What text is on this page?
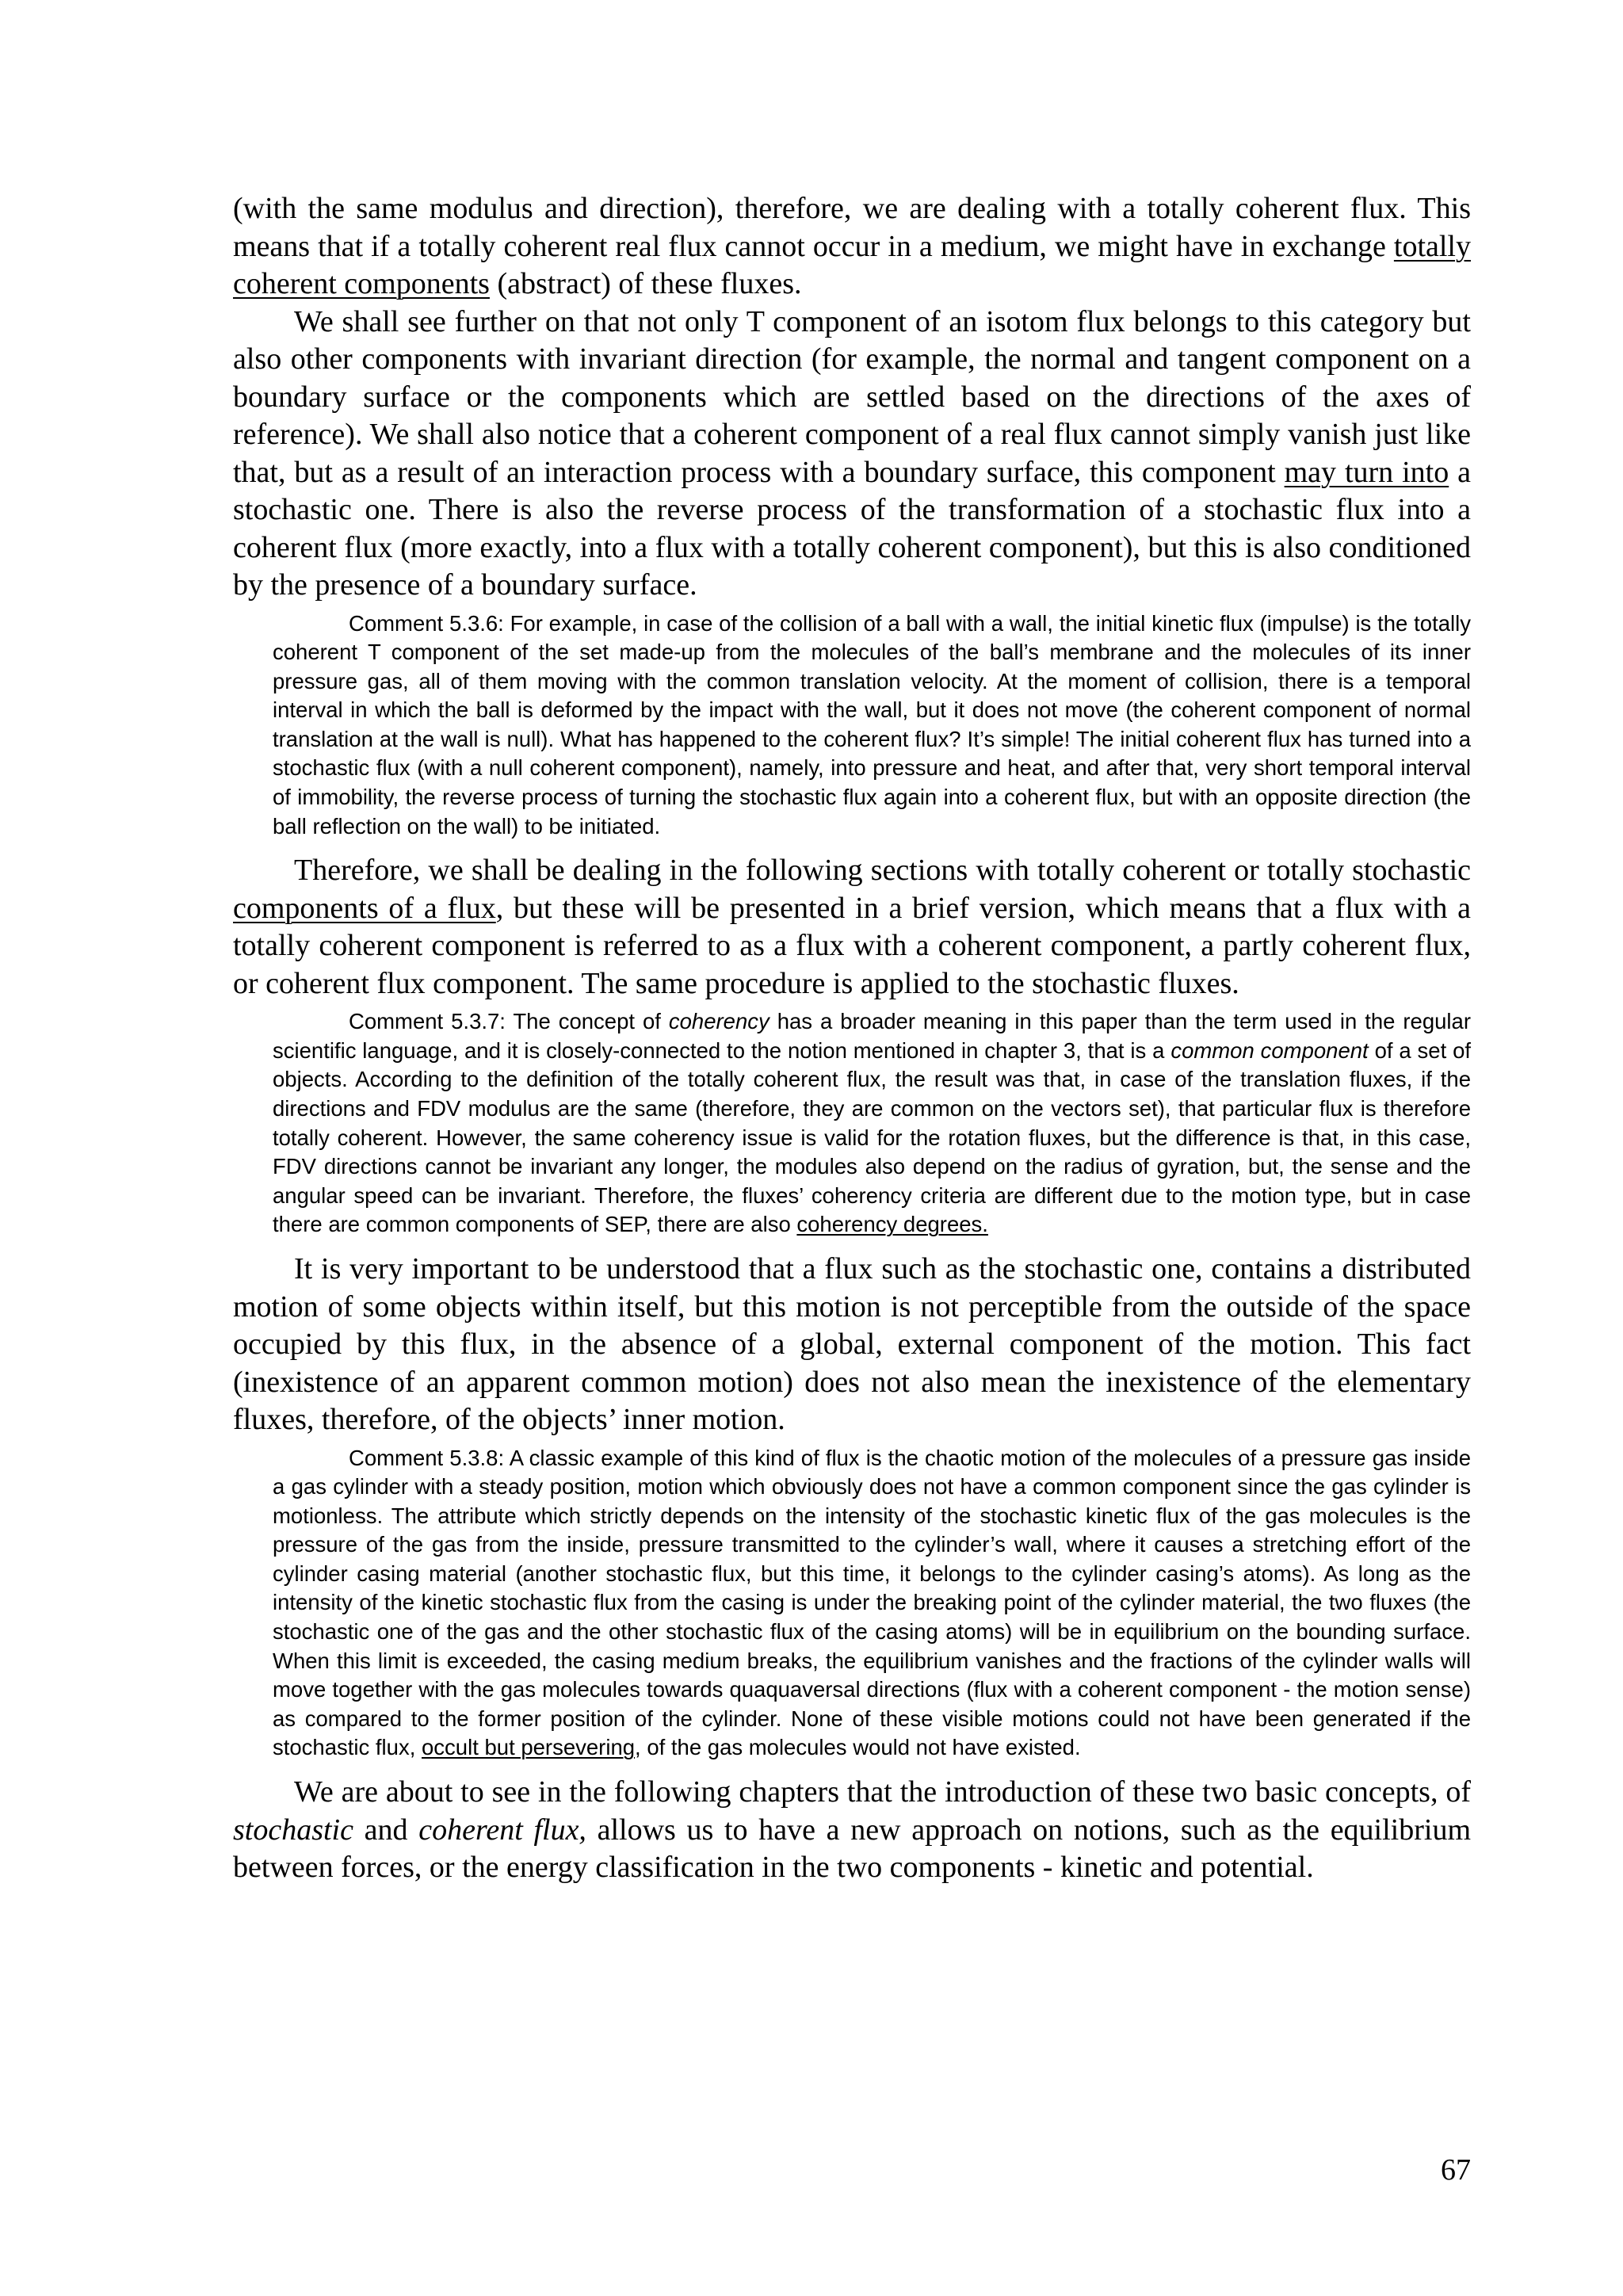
(with the same modulus and direction), therefore, we are dealing with a totally coherent flux. This means that if a totally coherent real flux cannot occur in a medium, we might have in exchange totally coherent components (abstract) of these fluxes.

We shall see further on that not only T component of an isotom flux belongs to this category but also other components with invariant direction (for example, the normal and tangent component on a boundary surface or the components which are settled based on the directions of the axes of reference). We shall also notice that a coherent component of a real flux cannot simply vanish just like that, but as a result of an interaction process with a boundary surface, this component may turn into a stochastic one. There is also the reverse process of the transformation of a stochastic flux into a coherent flux (more exactly, into a flux with a totally coherent component), but this is also conditioned by the presence of a boundary surface.

Comment 5.3.6: For example, in case of the collision of a ball with a wall, the initial kinetic flux (impulse) is the totally coherent T component of the set made-up from the molecules of the ball’s membrane and the molecules of its inner pressure gas, all of them moving with the common translation velocity. At the moment of collision, there is a temporal interval in which the ball is deformed by the impact with the wall, but it does not move (the coherent component of normal translation at the wall is null). What has happened to the coherent flux? It’s simple! The initial coherent flux has turned into a stochastic flux (with a null coherent component), namely, into pressure and heat, and after that, very short temporal interval of immobility, the reverse process of turning the stochastic flux again into a coherent flux, but with an opposite direction (the ball reflection on the wall) to be initiated.

Therefore, we shall be dealing in the following sections with totally coherent or totally stochastic components of a flux, but these will be presented in a brief version, which means that a flux with a totally coherent component is referred to as a flux with a coherent component, a partly coherent flux, or coherent flux component. The same procedure is applied to the stochastic fluxes.

Comment 5.3.7: The concept of coherency has a broader meaning in this paper than the term used in the regular scientific language, and it is closely-connected to the notion mentioned in chapter 3, that is a common component of a set of objects. According to the definition of the totally coherent flux, the result was that, in case of the translation fluxes, if the directions and FDV modulus are the same (therefore, they are common on the vectors set), that particular flux is therefore totally coherent. However, the same coherency issue is valid for the rotation fluxes, but the difference is that, in this case, FDV directions cannot be invariant any longer, the modules also depend on the radius of gyration, but, the sense and the angular speed can be invariant. Therefore, the fluxes’ coherency criteria are different due to the motion type, but in case there are common components of SEP, there are also coherency degrees.

It is very important to be understood that a flux such as the stochastic one, contains a distributed motion of some objects within itself, but this motion is not perceptible from the outside of the space occupied by this flux, in the absence of a global, external component of the motion. This fact (inexistence of an apparent common motion) does not also mean the inexistence of the elementary fluxes, therefore, of the objects’ inner motion.

Comment 5.3.8: A classic example of this kind of flux is the chaotic motion of the molecules of a pressure gas inside a gas cylinder with a steady position, motion which obviously does not have a common component since the gas cylinder is motionless. The attribute which strictly depends on the intensity of the stochastic kinetic flux of the gas molecules is the pressure of the gas from the inside, pressure transmitted to the cylinder’s wall, where it causes a stretching effort of the cylinder casing material (another stochastic flux, but this time, it belongs to the cylinder casing’s atoms). As long as the intensity of the kinetic stochastic flux from the casing is under the breaking point of the cylinder material, the two fluxes (the stochastic one of the gas and the other stochastic flux of the casing atoms) will be in equilibrium on the bounding surface. When this limit is exceeded, the casing medium breaks, the equilibrium vanishes and the fractions of the cylinder walls will move together with the gas molecules towards quaquaversal directions (flux with a coherent component - the motion sense) as compared to the former position of the cylinder. None of these visible motions could not have been generated if the stochastic flux, occult but persevering, of the gas molecules would not have existed.

We are about to see in the following chapters that the introduction of these two basic concepts, of stochastic and coherent flux, allows us to have a new approach on notions, such as the equilibrium between forces, or the energy classification in the two components - kinetic and potential.

67
